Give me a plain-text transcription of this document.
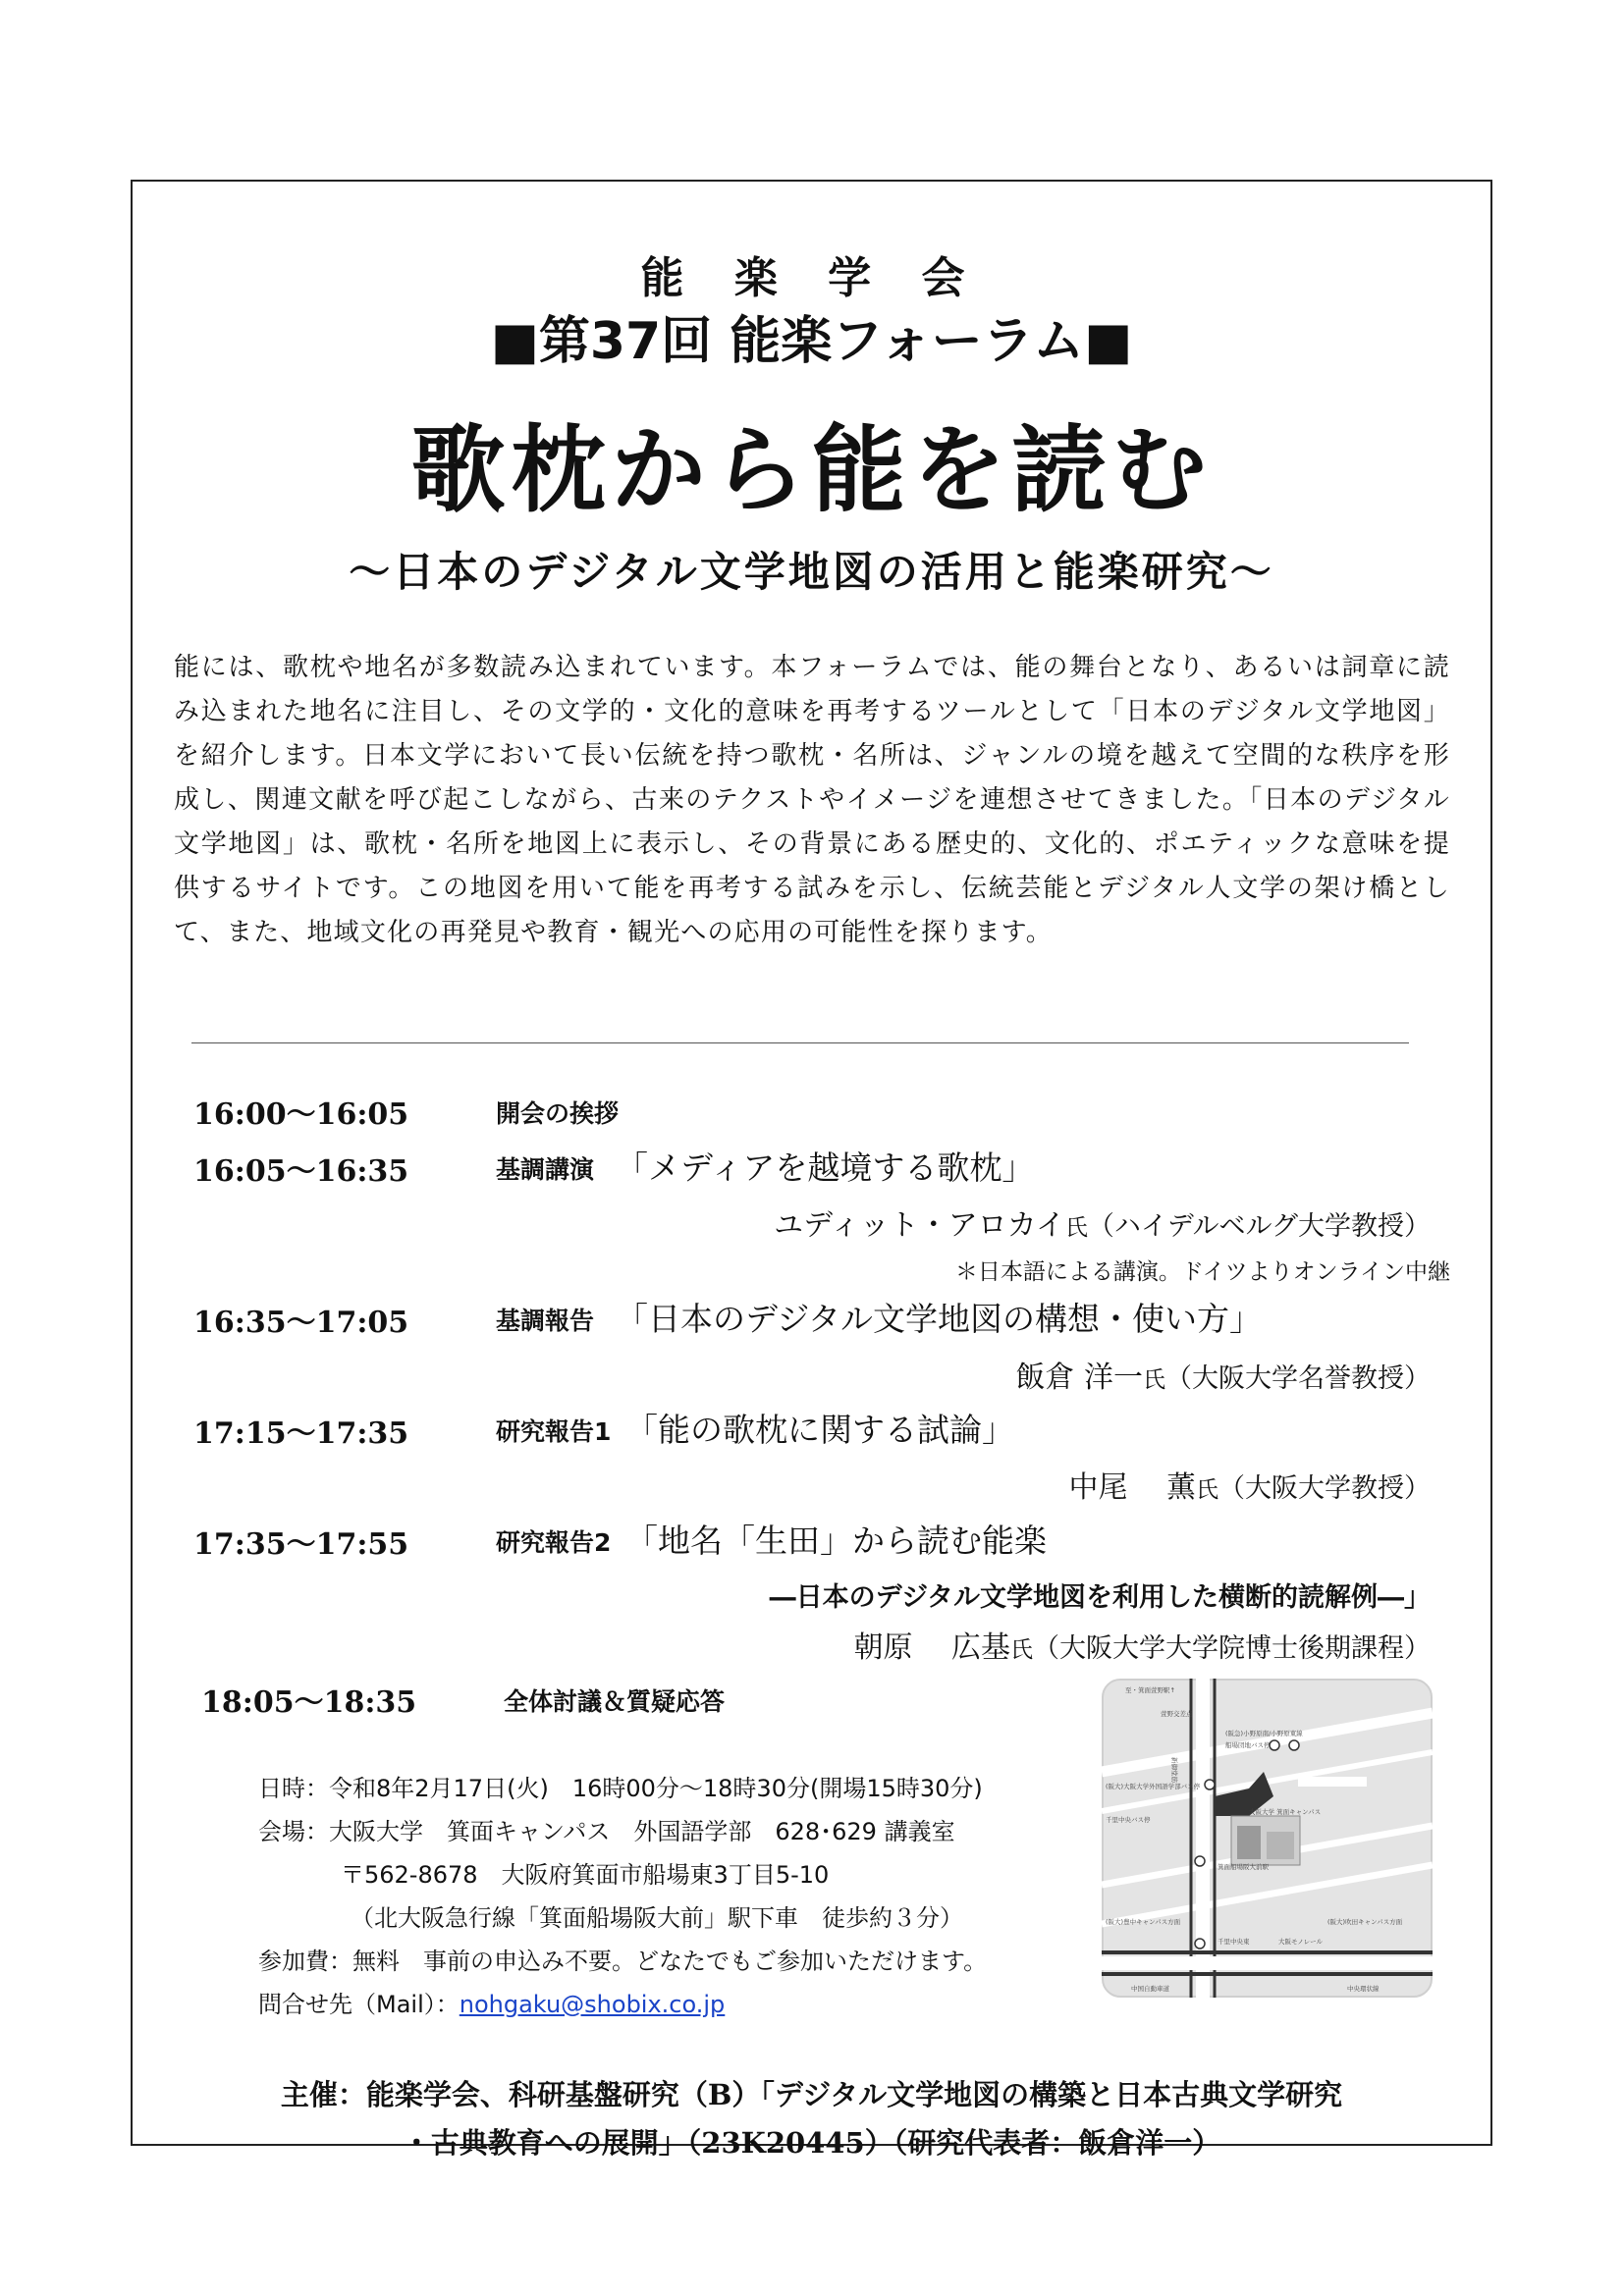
能 楽 学 会
■第37回 能楽フォーラム■
歌枕から能を読む
～日本のデジタル文学地図の活用と能楽研究～

能には、歌枕や地名が多数読み込まれています。本フォーラムでは、能の舞台となり、あるいは詞章に読み込まれた地名に注目し、その文学的・文化的意味を再考するツールとして「日本のデジタル文学地図」を紹介します。日本文学において長い伝統を持つ歌枕・名所は、ジャンルの境を越えて空間的な秩序を形成し、関連文献を呼び起こしながら、古来のテクストやイメージを連想させてきました。「日本のデジタル文学地図」は、歌枕・名所を地図上に表示し、その背景にある歴史的、文化的、ポエティックな意味を提供するサイトです。この地図を用いて能を再考する試みを示し、伝統芸能とデジタル人文学の架け橋として、また、地域文化の再発見や教育・観光への応用の可能性を探ります。

16:00～16:05	開会の挨拶
16:05～16:35	基調講演 「メディアを越境する歌枕」
ユディット・アロカイ氏（ハイデルベルグ大学教授）
＊日本語による講演。ドイツよりオンライン中継
16:35～17:05	基調報告 「日本のデジタル文学地図の構想・使い方」
飯倉 洋一氏（大阪大学名誉教授）
17:15～17:35	研究報告1 「能の歌枕に関する試論」
中尾　 薫氏（大阪大学教授）
17:35～17:55	研究報告2 「地名「生田」から読む能楽
―日本のデジタル文学地図を利用した横断的読解例―」
朝原　 広基氏（大阪大学大学院博士後期課程）
18:05～18:35	全体討議＆質疑応答
日時：令和8年2月17日(火)　16時00分～18時30分(開場15時30分)
会場：大阪大学　箕面キャンパス　外国語学部　628･629 講義室
〒562-8678　大阪府箕面市船場東3丁目5-10
（北大阪急行線「箕面船場阪大前」駅下車　徒歩約３分）
参加費：無料　事前の申込み不要。どなたでもご参加いただけます。
問合せ先（Mail）：nohgaku@shobix.co.jp
至・箕面萱野駅↑
萱野交差点
(阪急)小野原南/小野原東線
船場団地バス停
千里中央バス停
新御堂筋
中央環状線
箕面船場阪大前駅
大阪大学 箕面キャンパス
(阪大)大阪大学外国語学部バス停
千里中央東	大阪モノレール
中国自動車道
(阪大)豊中キャンパス方面	(阪大)吹田キャンパス方面
主催：能楽学会、科研基盤研究（B）「デジタル文学地図の構築と日本古典文学研究
・古典教育への展開」（23K20445）（研究代表者：飯倉洋一）
